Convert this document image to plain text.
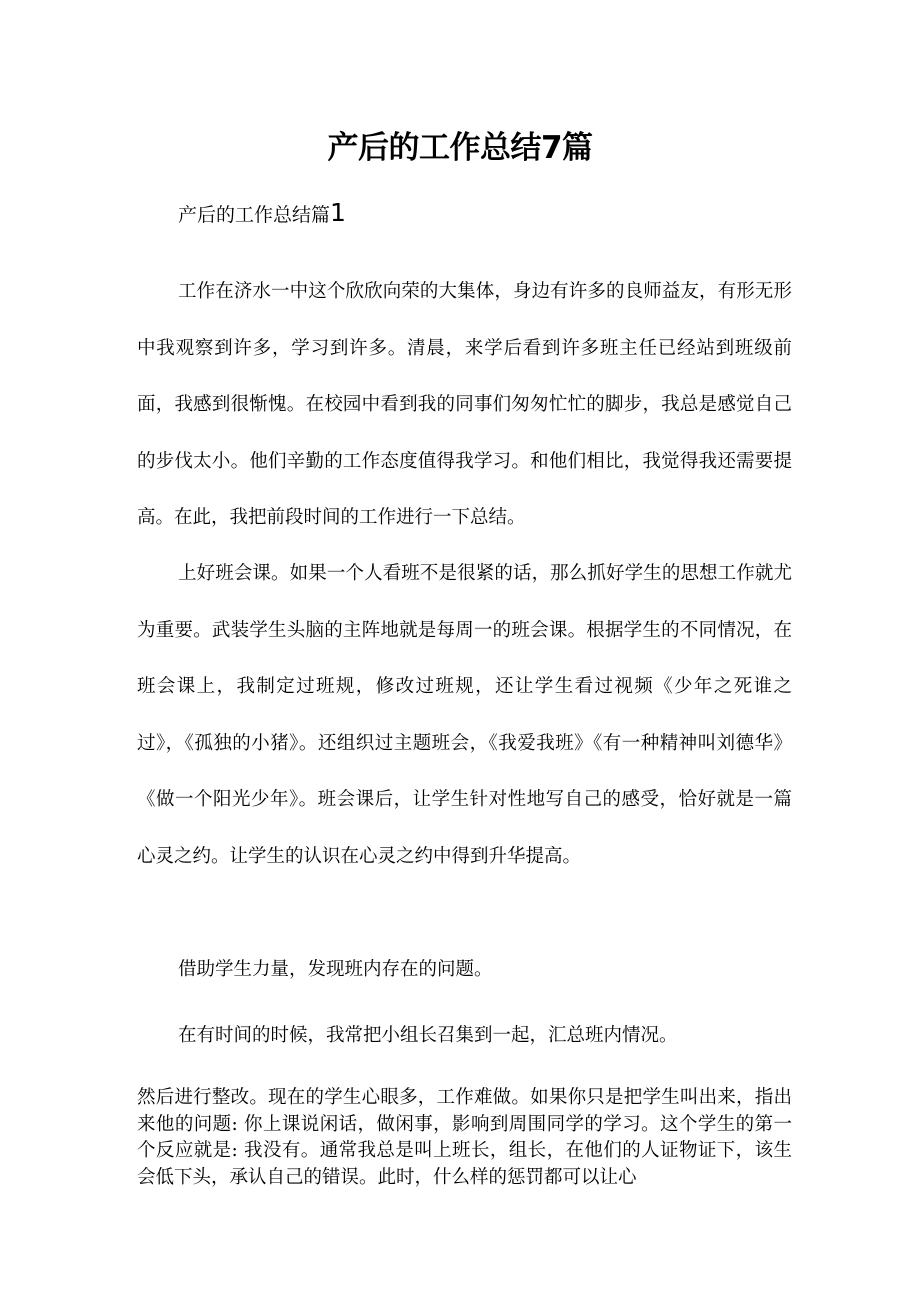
产后的工作总结7篇
产后的工作总结篇1

工作在济水一中这个欣欣向荣的大集体，身边有许多的良师益友，有形无形中我观察到许多，学习到许多。清晨，来学后看到许多班主任已经站到班级前面，我感到很惭愧。在校园中看到我的同事们匆匆忙忙的脚步，我总是感觉自己的步伐太小。他们辛勤的工作态度值得我学习。和他们相比，我觉得我还需要提高。在此，我把前段时间的工作进行一下总结。

上好班会课。如果一个人看班不是很紧的话，那么抓好学生的思想工作就尤为重要。武装学生头脑的主阵地就是每周一的班会课。根据学生的不同情况，在班会课上，我制定过班规，修改过班规，还让学生看过视频《少年之死谁之过》，《孤独的小猪》。还组织过主题班会，《我爱我班》《有一种精神叫刘德华》《做一个阳光少年》。班会课后，让学生针对性地写自己的感受，恰好就是一篇心灵之约。让学生的认识在心灵之约中得到升华提高。

借助学生力量，发现班内存在的问题。

在有时间的时候，我常把小组长召集到一起，汇总班内情况。

然后进行整改。现在的学生心眼多，工作难做。如果你只是把学生叫出来，指出来他的问题: 你上课说闲话，做闲事，影响到周围同学的学习。这个学生的第一个反应就是: 我没有。通常我总是叫上班长，组长，在他们的人证物证下，该生会低下头，承认自己的错误。此时，什么样的惩罚都可以让心
